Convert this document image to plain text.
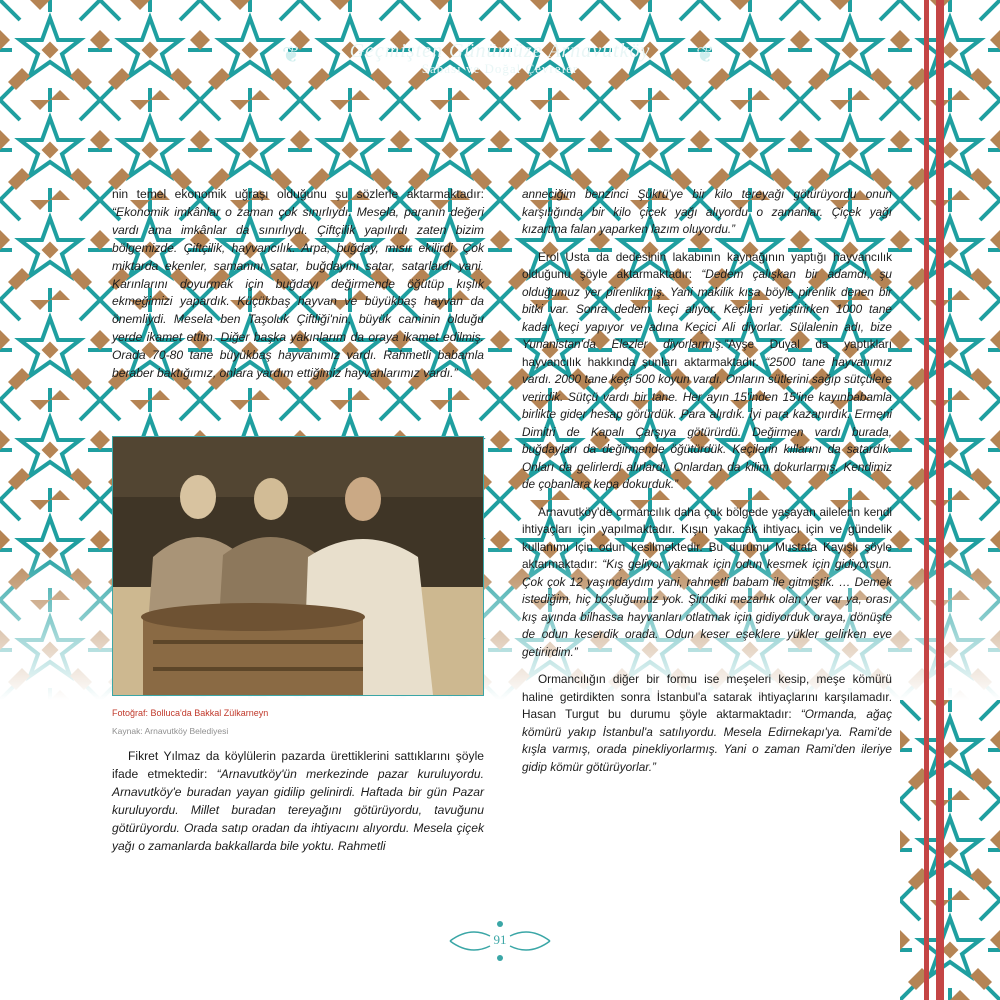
❦	❦
Geçmişten Günümüze Arnavutköy
Sabası ve Doğal Çevreler

nin temel ekonomik uğraşı olduğunu şu sözlerle aktarmaktadır: “Ekonomik imkânlar o zaman çok sınırlıydı. Mesela, paranın değeri vardı ama imkânlar da sınırlıydı. Çiftçilik yapılırdı zaten bizim bölgemizde. Çiftçilik, hayvancılık. Arpa, buğday, mısır ekilirdi. Çok miktarda ekenler, samanını satar, buğdayını satar, satarlardı yani. Karınlarını doyurmak için buğdayı değirmende öğütüp kışlık ekmeğimizi yapardık. Küçükbaş hayvan ve büyükbaş hayvan da önemliydi. Mesela ben Taşoluk Çiftliği'nin, büyük caminin olduğu yerde ikamet ettim. Diğer başka yakınlarım da oraya ikamet edilmiş. Orada 70-80 tane büyükbaş hayvanımız vardı. Rahmetli babamla beraber baktığımız, onlara yardım ettiğimiz hayvanlarımız vardı.”

Fotoğraf: Bolluca'da Bakkal Zülkarneyn
Kaynak: Arnavutköy Belediyesi

Fikret Yılmaz da köylülerin pazarda ürettiklerini sattıklarını şöyle ifade etmektedir: “Arnavutköy'ün merkezinde pazar kuruluyordu. Arnavutköy'e buradan yayan gidilip gelinirdi. Haftada bir gün Pazar kuruluyordu. Millet buradan tereyağını götürüyordu, tavuğunu götürüyordu. Orada satıp oradan da ihtiyacını alıyordu. Mesela çiçek yağı o zamanlarda bakkallarda bile yoktu. Rahmetli

anneciğim benzinci Şükrü'ye bir kilo tereyağı götürüyordu onun karşılığında bir kilo çiçek yağı alıyordu o zamanlar. Çiçek yağı kızartma falan yaparken lazım oluyordu.”

Erol Usta da dedesinin lakabının kaynağının yaptığı hayvancılık olduğunu şöyle aktarmaktadır: “Dedem çalışkan bir adamdı, şu olduğumuz yer pirenlikmiş. Yani makilik kısa böyle pirenlik denen bir bitki var. Sonra dedem keçi alıyor. Keçileri yetiştirirken 1000 tane kadar keçi yapıyor ve adına Keçici Ali diyorlar. Sülalenin adı, bize Yunanistan'da Elezler diyorlarmış.”Ayşe Duyal da yaptıkları hayvancılık hakkında şunları aktarmaktadır. “2500 tane hayvanımız vardı. 2000 tane keçi 500 koyun vardı. Onların sütlerini sağıp sütçülere verirdik. Sütçü vardı bir tane. Her ayın 15'inden 15'ine kayınbabamla birlikte gider hesap görürdük. Para alırdık. İyi para kazanırdık. Ermeni Dimitri de Kapalı Çarşıya götürürdü. Değirmen vardı burada, buğdayları da değirmende öğütürdük. Keçilerin kıllarını da satardık. Onları da gelirlerdi alırlardı. Onlardan da kilim dokurlarmış. Kendimiz de çobanlara kepa dokurduk.”

Arnavutköy'de ormancılık daha çok bölgede yaşayan ailelerin kendi ihtiyaçları için yapılmaktadır. Kışın yakacak ihtiyacı için ve gündelik kullanımı için odun kesilmektedir. Bu durumu Mustafa Kayışlı şöyle aktarmaktadır: “Kış geliyor yakmak için odun kesmek için gidiyorsun. Çok çok 12 yaşındaydım yani, rahmetli babam ile gitmiştik. … Demek istediğim, hiç boşluğumuz yok. Şimdiki mezarlık olan yer var ya, orası kış ayında bilhassa hayvanları otlatmak için gidiyorduk oraya, dönüşte de odun keserdik orada. Odun keser eşeklere yükler gelirken eve getirirdim.”

Ormancılığın diğer bir formu ise meşeleri kesip, meşe kömürü haline getirdikten sonra İstanbul'a satarak ihtiyaçlarını karşılamadır. Hasan Turgut bu durumu şöyle aktarmaktadır: “Ormanda, ağaç kömürü yakıp İstanbul'a satılıyordu. Mesela Edirnekapı'ya. Rami'de kışla varmış, orada pinekliyorlarmış. Yani o zaman Rami'den ileriye gidip kömür götürüyorlar.”

91
